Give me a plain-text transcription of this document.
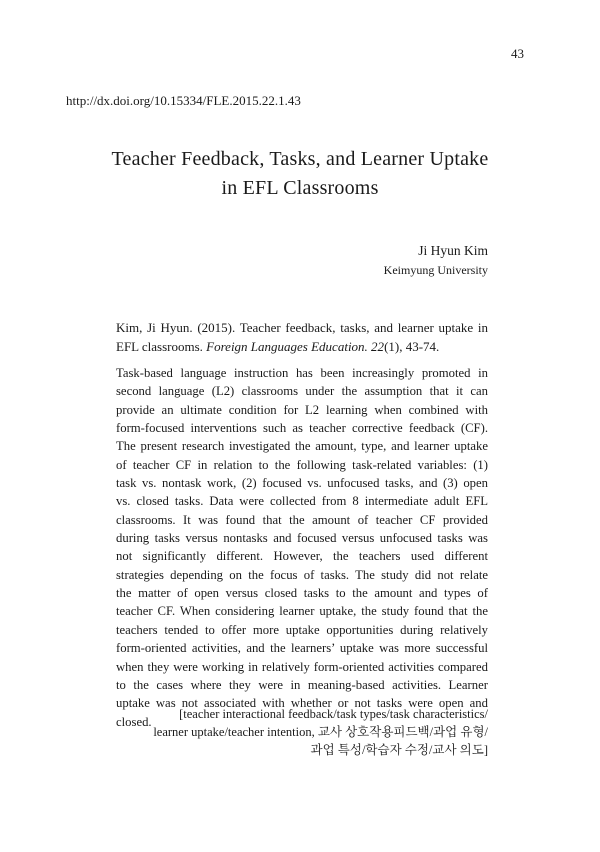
43
http://dx.doi.org/10.15334/FLE.2015.22.1.43
Teacher Feedback, Tasks, and Learner Uptake
in EFL Classrooms
Ji Hyun Kim
Keimyung University
Kim, Ji Hyun. (2015). Teacher feedback, tasks, and learner uptake in EFL classrooms. Foreign Languages Education. 22(1), 43-74.
Task-based language instruction has been increasingly promoted in
second language (L2) classrooms under the assumption that it can
provide an ultimate condition for L2 learning when combined with
form-focused interventions such as teacher corrective feedback (CF).
The present research investigated the amount, type, and learner uptake
of teacher CF in relation to the following task-related variables: (1)
task vs. nontask work, (2) focused vs. unfocused tasks, and (3) open
vs. closed tasks. Data were collected from 8 intermediate adult EFL
classrooms. It was found that the amount of teacher CF provided
during tasks versus nontasks and focused versus unfocused tasks was
not significantly different. However, the teachers used different
strategies depending on the focus of tasks. The study did not relate
the matter of open versus closed tasks to the amount and types of
teacher CF. When considering learner uptake, the study found that the
teachers tended to offer more uptake opportunities during relatively
form-oriented activities, and the learners’ uptake was more successful
when they were working in relatively form-oriented activities compared
to the cases where they were in meaning-based activities. Learner
uptake was not associated with whether or not tasks were open and
closed.
[teacher interactional feedback/task types/task characteristics/
learner uptake/teacher intention, 교사 상호작용피드백/과업 유형/
과업 특성/학습자 수정/교사 의도]
